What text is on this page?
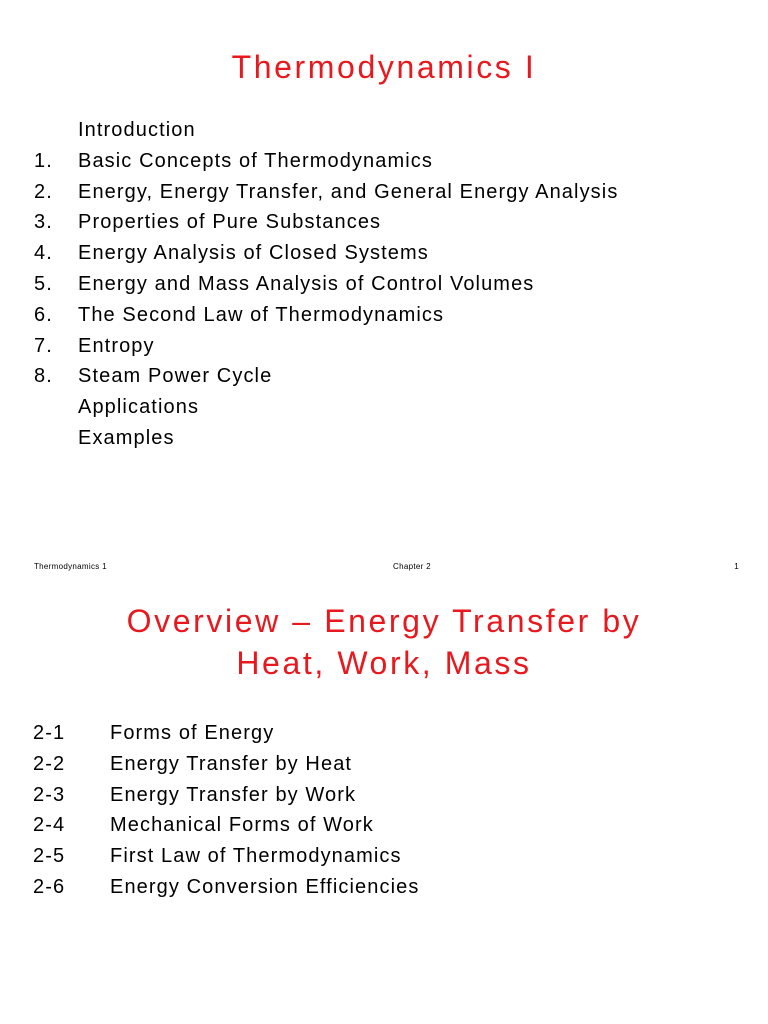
Thermodynamics I
Introduction
1.	Basic Concepts of Thermodynamics
2.	Energy, Energy Transfer, and General Energy Analysis
3.	Properties of Pure Substances
4.	Energy Analysis of Closed Systems
5.	Energy and Mass Analysis of Control Volumes
6.	The Second Law of Thermodynamics
7.	Entropy
8.	Steam Power Cycle
Applications
Examples
Thermodynamics 1	Chapter 2	1
Overview – Energy Transfer by
Heat, Work, Mass
2-1	Forms of Energy
2-2	Energy Transfer by Heat
2-3	Energy Transfer by Work
2-4	Mechanical Forms of Work
2-5	First Law of Thermodynamics
2-6	Energy Conversion Efficiencies
